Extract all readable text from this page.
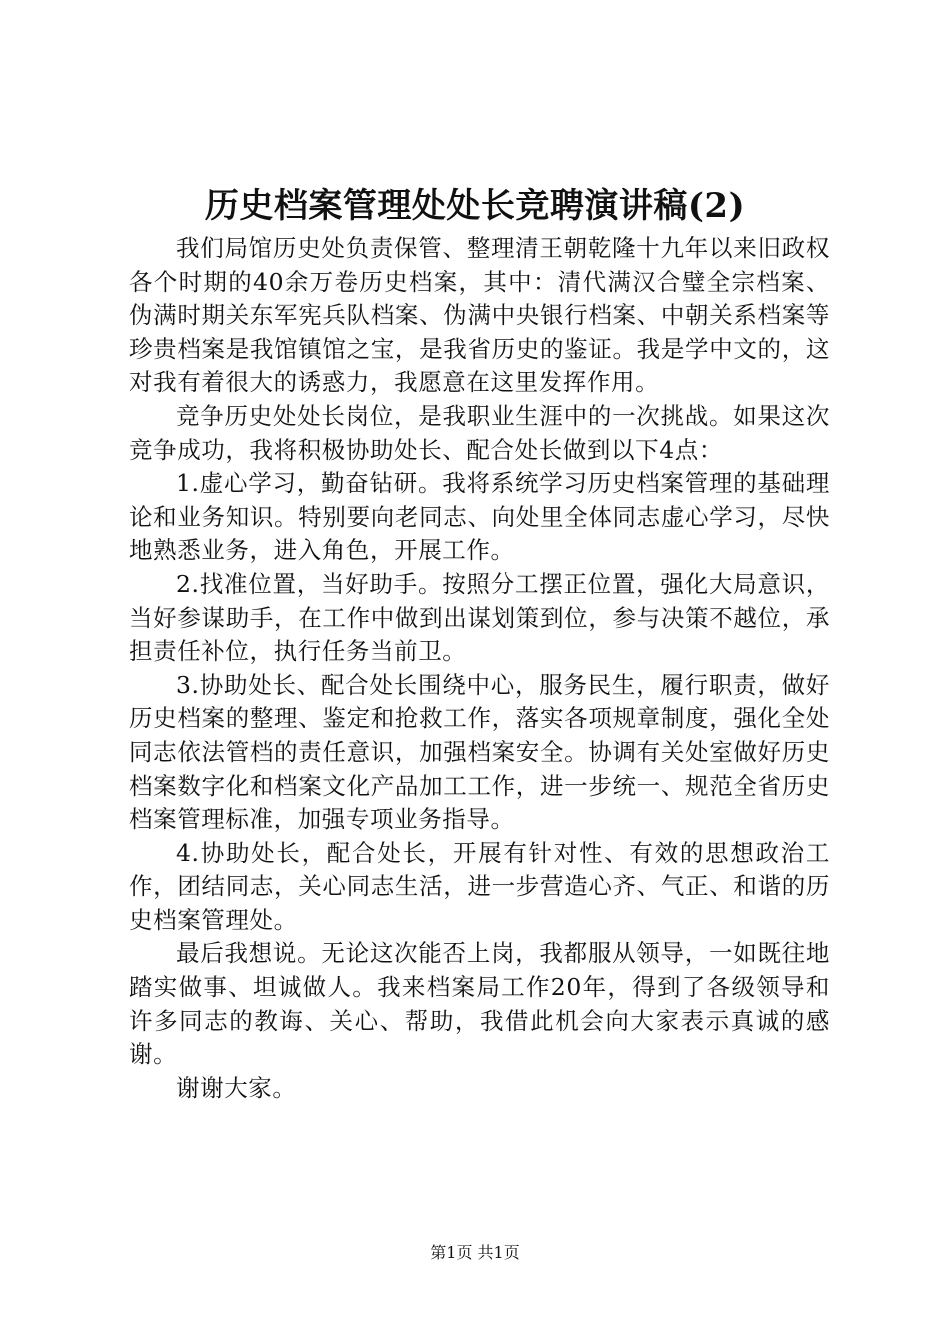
历史档案管理处处长竞聘演讲稿(2)

我们局馆历史处负责保管、整理清王朝乾隆十九年以来旧政权各个时期的40余万卷历史档案，其中：清代满汉合璧全宗档案、伪满时期关东军宪兵队档案、伪满中央银行档案、中朝关系档案等珍贵档案是我馆镇馆之宝，是我省历史的鉴证。我是学中文的，这对我有着很大的诱惑力，我愿意在这里发挥作用。

竞争历史处处长岗位，是我职业生涯中的一次挑战。如果这次竞争成功，我将积极协助处长、配合处长做到以下4点：

1.虚心学习，勤奋钻研。我将系统学习历史档案管理的基础理论和业务知识。特别要向老同志、向处里全体同志虚心学习，尽快地熟悉业务，进入角色，开展工作。

2.找准位置，当好助手。按照分工摆正位置，强化大局意识，当好参谋助手，在工作中做到出谋划策到位，参与决策不越位，承担责任补位，执行任务当前卫。

3.协助处长、配合处长围绕中心，服务民生，履行职责，做好历史档案的整理、鉴定和抢救工作，落实各项规章制度，强化全处同志依法管档的责任意识，加强档案安全。协调有关处室做好历史档案数字化和档案文化产品加工工作，进一步统一、规范全省历史档案管理标准，加强专项业务指导。

4.协助处长，配合处长，开展有针对性、有效的思想政治工作，团结同志，关心同志生活，进一步营造心齐、气正、和谐的历史档案管理处。

最后我想说。无论这次能否上岗，我都服从领导，一如既往地踏实做事、坦诚做人。我来档案局工作20年，得到了各级领导和许多同志的教诲、关心、帮助，我借此机会向大家表示真诚的感谢。

谢谢大家。

第1页 共1页
